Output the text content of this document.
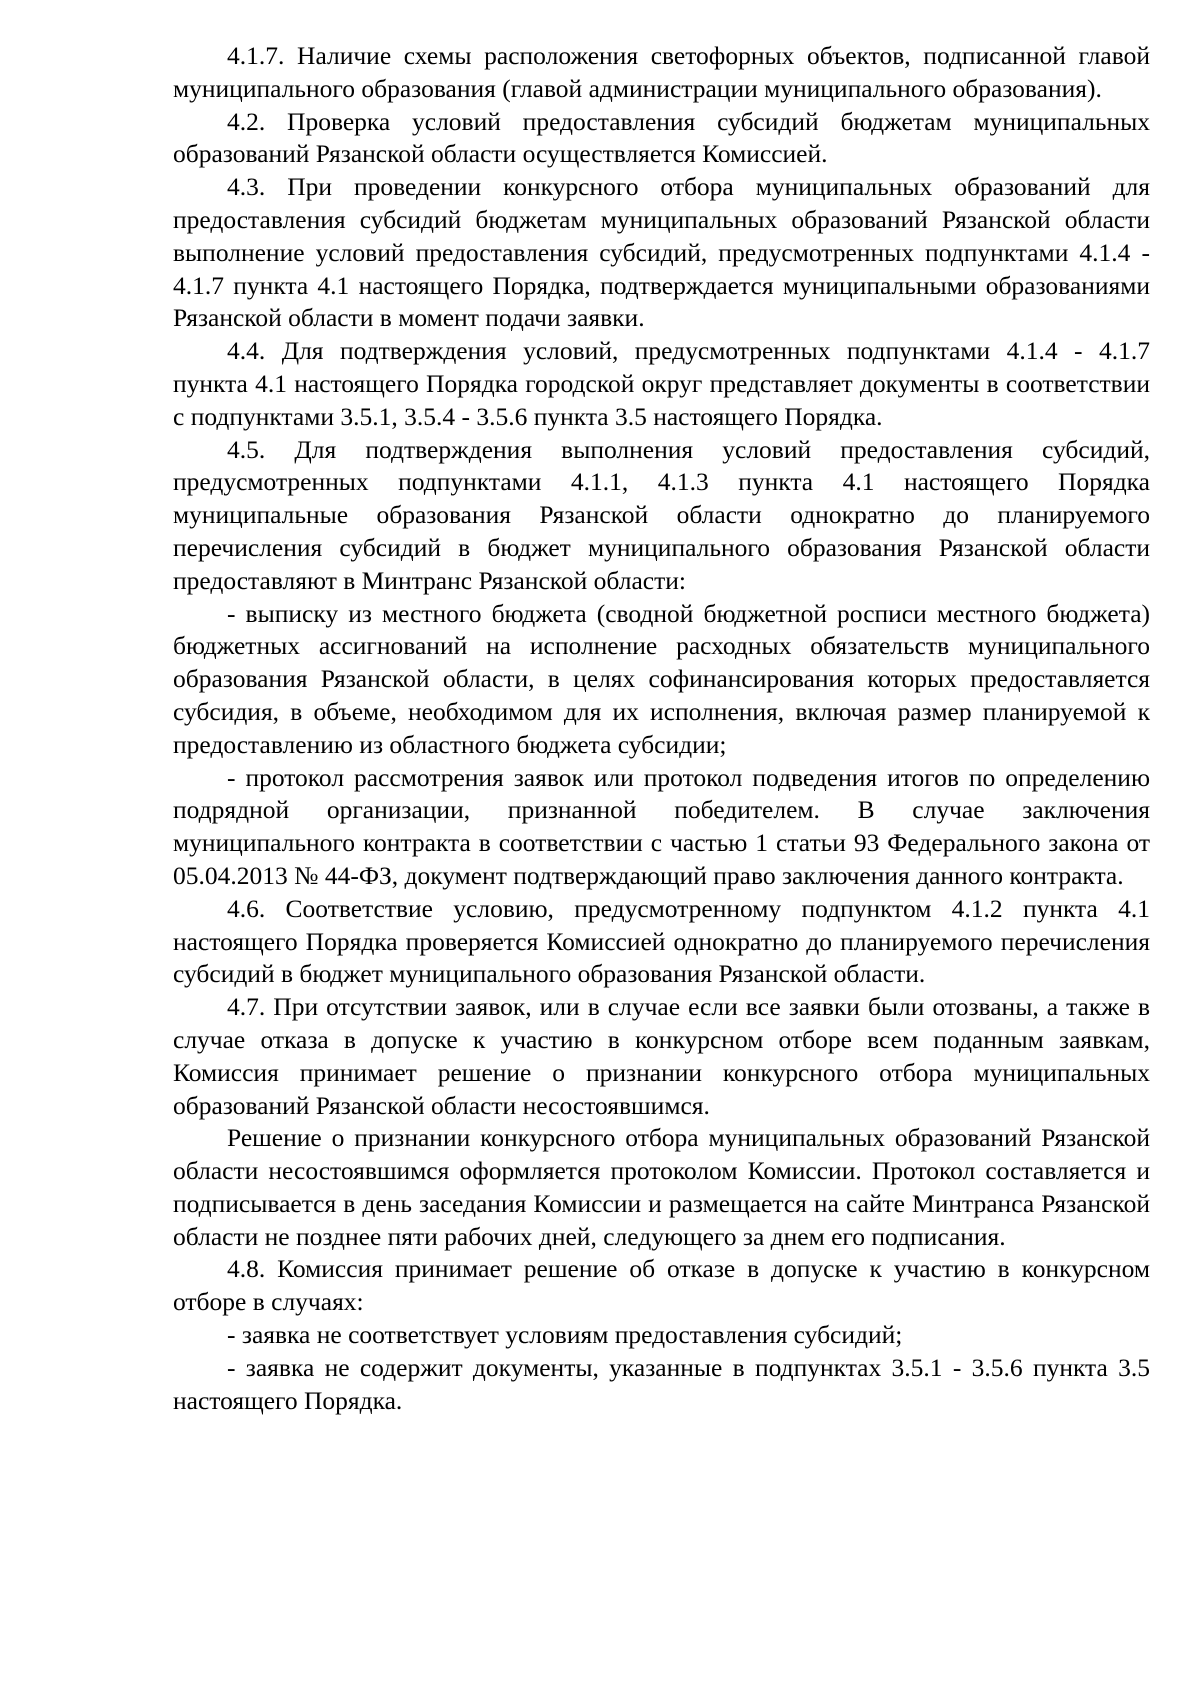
4.1.7. Наличие схемы расположения светофорных объектов, подписанной главой муниципального образования (главой администрации муниципального образования).

4.2. Проверка условий предоставления субсидий бюджетам муниципальных образований Рязанской области осуществляется Комиссией.

4.3. При проведении конкурсного отбора муниципальных образований для предоставления субсидий бюджетам муниципальных образований Рязанской области выполнение условий предоставления субсидий, предусмотренных подпунктами 4.1.4 - 4.1.7 пункта 4.1 настоящего Порядка, подтверждается муниципальными образованиями Рязанской области в момент подачи заявки.

4.4. Для подтверждения условий, предусмотренных подпунктами 4.1.4 - 4.1.7 пункта 4.1 настоящего Порядка городской округ представляет документы в соответствии с подпунктами 3.5.1, 3.5.4 - 3.5.6 пункта 3.5 настоящего Порядка.

4.5. Для подтверждения выполнения условий предоставления субсидий, предусмотренных подпунктами 4.1.1, 4.1.3 пункта 4.1 настоящего Порядка муниципальные образования Рязанской области однократно до планируемого перечисления субсидий в бюджет муниципального образования Рязанской области предоставляют в Минтранс Рязанской области:

- выписку из местного бюджета (сводной бюджетной росписи местного бюджета) бюджетных ассигнований на исполнение расходных обязательств муниципального образования Рязанской области, в целях софинансирования которых предоставляется субсидия, в объеме, необходимом для их исполнения, включая размер планируемой к предоставлению из областного бюджета субсидии;

- протокол рассмотрения заявок или протокол подведения итогов по определению подрядной организации, признанной победителем. В случае заключения муниципального контракта в соответствии с частью 1 статьи 93 Федерального закона от 05.04.2013 № 44-ФЗ, документ подтверждающий право заключения данного контракта.

4.6. Соответствие условию, предусмотренному подпунктом 4.1.2 пункта 4.1 настоящего Порядка проверяется Комиссией однократно до планируемого перечисления субсидий в бюджет муниципального образования Рязанской области.

4.7. При отсутствии заявок, или в случае если все заявки были отозваны, а также в случае отказа в допуске к участию в конкурсном отборе всем поданным заявкам, Комиссия принимает решение о признании конкурсного отбора муниципальных образований Рязанской области несостоявшимся.

Решение о признании конкурсного отбора муниципальных образований Рязанской области несостоявшимся оформляется протоколом Комиссии. Протокол составляется и подписывается в день заседания Комиссии и размещается на сайте Минтранса Рязанской области не позднее пяти рабочих дней, следующего за днем его подписания.

4.8. Комиссия принимает решение об отказе в допуске к участию в конкурсном отборе в случаях:

- заявка не соответствует условиям предоставления субсидий;

- заявка не содержит документы, указанные в подпунктах 3.5.1 - 3.5.6 пункта 3.5 настоящего Порядка.
